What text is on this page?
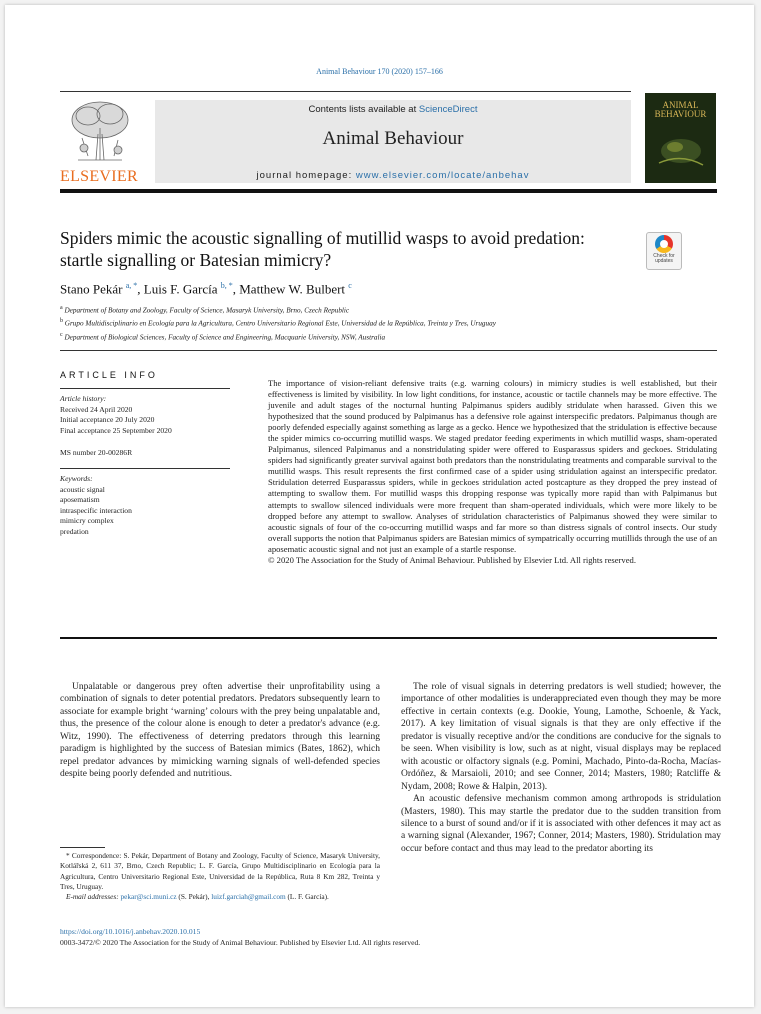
Animal Behaviour 170 (2020) 157–166
ELSEVIER
Contents lists available at ScienceDirect
Animal Behaviour
journal homepage: www.elsevier.com/locate/anbehav
ANIMAL
BEHAVIOUR
Spiders mimic the acoustic signalling of mutillid wasps to avoid predation: startle signalling or Batesian mimicry?	Check for
updates
Stano Pekár $^{a, *}$, Luis F. García $^{b, *}$, Matthew W. Bulbert $^c$
$^a$ Department of Botany and Zoology, Faculty of Science, Masaryk University, Brno, Czech Republic
$^b$ Grupo Multidisciplinario en Ecología para la Agricultura, Centro Universitario Regional Este, Universidad de la República, Treinta y Tres, Uruguay
$^c$ Department of Biological Sciences, Faculty of Science and Engineering, Macquarie University, NSW, Australia
ARTICLE INFO
Article history:
Received 24 April 2020
Initial acceptance 20 July 2020
Final acceptance 25 September 2020
MS number 20-00286R
Keywords:
acoustic signal
aposematism
intraspecific interaction
mimicry complex
predation

The importance of vision-reliant defensive traits (e.g. warning colours) in mimicry studies is well established, but their effectiveness is limited by visibility. In low light conditions, for instance, acoustic or tactile channels may be more effective. The juvenile and adult stages of the nocturnal hunting Palpimanus spiders audibly stridulate when harassed. Given this we hypothesized that the sound produced by Palpimanus has a defensive role against interspecific predators. Palpimanus though are poorly defended especially against something as large as a gecko. Hence we hypothesized that the stridulation is effective because the spider mimics co-occurring mutillid wasps. We staged predator feeding experiments in which mutillid wasps, sham-operated Palpimanus, silenced Palpimanus and a nonstridulating spider were offered to Eusparassus spiders and geckoes. Stridulating spiders had significantly greater survival against both predators than the nonstridulating treatments and comparable survival to the mutillid wasps. This result represents the first confirmed case of a spider using stridulation against an interspecific predator. Stridulation deterred Eusparassus spiders, while in geckoes stridulation acted postcapture as they dropped the prey instead of attempting to swallow them. For mutillid wasps this dropping response was typically more rapid than with Palpimanus but attempts to swallow silenced individuals were more frequent than sham-operated individuals, which were more likely to be dropped before any attempt to swallow. Analyses of stridulation characteristics of Palpimanus showed they were similar to acoustic signals of four of the co-occurring mutillid wasps and far more so than distress signals of control insects. Our study overall supports the notion that Palpimanus spiders are Batesian mimics of sympatrically occurring mutillids through the use of an aposematic acoustic signal and not just an example of a startle response.

© 2020 The Association for the Study of Animal Behaviour. Published by Elsevier Ltd. All rights reserved.

Unpalatable or dangerous prey often advertise their unprofitability using a combination of signals to deter potential predators. Predators subsequently learn to associate for example bright ‘warning’ colours with the prey being unpalatable and, thus, the presence of the colour alone is enough to deter a predator's advance (e.g. Witz, 1990). The effectiveness of deterring predators through this learning paradigm is highlighted by the success of Batesian mimics (Bates, 1862), which repel predator advances by mimicking warning signals of well-defended species despite being poorly defended and nutritious.

The role of visual signals in deterring predators is well studied; however, the importance of other modalities is underappreciated even though they may be more effective in certain contexts (e.g. Dookie, Young, Lamothe, Schoenle, & Yack, 2017). A key limitation of visual signals is that they are only effective if the predator is visually receptive and/or the conditions are conducive for the signals to be seen. When visibility is low, such as at night, visual displays may be replaced with acoustic or olfactory signals (e.g. Pomini, Machado, Pinto-da-Rocha, Macías-Ordóñez, & Marsaioli, 2010; and see Conner, 2014; Masters, 1980; Ratcliffe & Nydam, 2008; Rowe & Halpin, 2013).

An acoustic defensive mechanism common among arthropods is stridulation (Masters, 1980). This may startle the predator due to the sudden transition from silence to a burst of sound and/or if it is associated with other defences it may act as a warning signal (Alexander, 1967; Conner, 2014; Masters, 1980). Stridulation may occur before contact and thus may lead to the predator aborting its

* Correspondence: S. Pekár, Department of Botany and Zoology, Faculty of Science, Masaryk University, Kotlářská 2, 611 37, Brno, Czech Republic; L. F. García, Grupo Multidisciplinario en Ecología para la Agricultura, Centro Universitario Regional Este, Universidad de la República, Ruta 8 Km 282, Treinta y Tres, Uruguay.

E-mail addresses: pekar@sci.muni.cz (S. Pekár), luizf.garciah@gmail.com (L. F. García).

https://doi.org/10.1016/j.anbehav.2020.10.015
0003-3472/© 2020 The Association for the Study of Animal Behaviour. Published by Elsevier Ltd. All rights reserved.
